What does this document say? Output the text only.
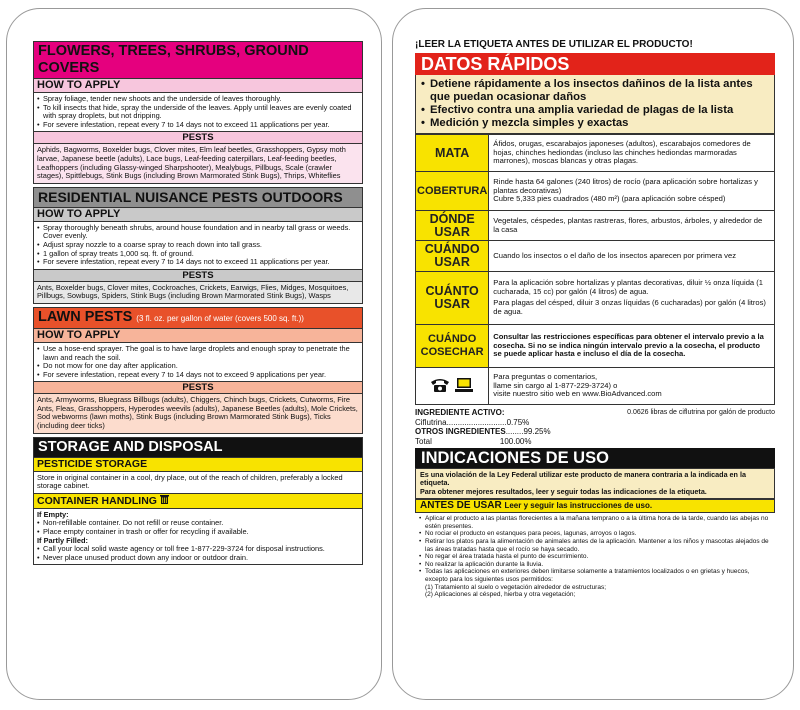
FLOWERS, TREES, SHRUBS, GROUND COVERS
HOW TO APPLY
• Spray foliage, tender new shoots and the underside of leaves thoroughly.
• To kill insects that hide, spray the underside of the leaves. Apply until leaves are evenly coated with spray droplets, but not dripping.
• For severe infestation, repeat every 7 to 14 days not to exceed 11 applications per year.
PESTS
Aphids, Bagworms, Boxelder bugs, Clover mites, Elm leaf beetles, Grasshoppers, Gypsy moth larvae, Japanese beetle (adults), Lace bugs, Leaf-feeding caterpillars, Leaf-feeding beetles, Leafhoppers (including Glassy-winged Sharpshooter), Mealybugs, Pillbugs, Scale (crawler stages), Spittlebugs, Stink Bugs (including Brown Marmorated Stink Bugs), Thrips, Whiteflies
RESIDENTIAL NUISANCE PESTS OUTDOORS
HOW TO APPLY
• Spray thoroughly beneath shrubs, around house foundation and in nearby tall grass or weeds. Cover evenly.
• Adjust spray nozzle to a coarse spray to reach down into tall grass.
• 1 gallon of spray treats 1,000 sq. ft. of ground.
• For severe infestation, repeat every 7 to 14 days not to exceed 11 applications per year.
PESTS
Ants, Boxelder bugs, Clover mites, Cockroaches, Crickets, Earwigs, Flies, Midges, Mosquitoes, Pillbugs, Sowbugs, Spiders, Stink Bugs (including Brown Marmorated Stink Bugs), Wasps
LAWN PESTS (3 fl. oz. per gallon of water (covers 500 sq. ft.))
HOW TO APPLY
• Use a hose-end sprayer. The goal is to have large droplets and enough spray to penetrate the lawn and reach the soil.
• Do not mow for one day after application.
• For severe infestation, repeat every 7 to 14 days not to exceed 9 applications per year.
PESTS
Ants, Armyworms, Bluegrass Billbugs (adults), Chiggers, Chinch bugs, Crickets, Cutworms, Fire Ants, Fleas, Grasshoppers, Hyperodes weevils (adults), Japanese Beetles (adults), Mole Crickets, Sod webworms (lawn moths), Stink Bugs (including Brown Marmorated Stink Bugs), Ticks (including deer ticks)
STORAGE AND DISPOSAL
PESTICIDE STORAGE
Store in original container in a cool, dry place, out of the reach of children, preferably a locked storage cabinet.
CONTAINER HANDLING
If Empty:
• Non-refillable container. Do not refill or reuse container.
• Place empty container in trash or offer for recycling if available.
If Partly Filled:
• Call your local solid waste agency or toll free 1-877-229-3724 for disposal instructions.
• Never place unused product down any indoor or outdoor drain.
¡LEER LA ETIQUETA ANTES DE UTILIZAR EL PRODUCTO!
DATOS RÁPIDOS
• Detiene rápidamente a los insectos dañinos de la lista antes que puedan ocasionar daños
• Efectivo contra una amplia variedad de plagas de la lista
• Medición y mezcla simples y exactas
MATA	Áfidos, orugas, escarabajos japoneses (adultos), escarabajos comedores de hojas, chinches hediondas (incluso las chinches hediondas marmoradas marrones), moscas blancas y otras plagas.
COBERTURA	Rinde hasta 64 galones (240 litros) de rocío (para aplicación sobre hortalizas y plantas decorativas)
Cubre 5,333 pies cuadrados (480 m²) (para aplicación sobre césped)

DÓNDE USAR	Vegetales, céspedes, plantas rastreras, flores, arbustos, árboles, y alrededor de la casa
CUÁNDO USAR	Cuando los insectos o el daño de los insectos aparecen por primera vez
CUÁNTO USAR	Para la aplicación sobre hortalizas y plantas decorativas, diluir ½ onza líquida (1 cucharada, 15 cc) por galón (4 litros) de agua.
Para plagas del césped, diluir 3 onzas líquidas (6 cucharadas) por galón (4 litros) de agua.

CUÁNDO COSECHAR	Consultar las restricciones específicas para obtener el intervalo previo a la cosecha. Si no se indica ningún intervalo previo a la cosecha, el producto se puede aplicar hasta e incluso el día de la cosecha.

Para preguntas o comentarios,
llame sin cargo al 1-877-229-3724) o
visite nuestro sitio web en www.BioAdvanced.com
INGREDIENTE ACTIVO:	0.0626 libras de ciflutrina por galón de producto
Ciflutrina...........................0.75%
OTROS INGREDIENTES........99.25%
Total	100.00%
INDICACIONES DE USO
Es una violación de la Ley Federal utilizar este producto de manera contraria a la indicada en la etiqueta.
Para obtener mejores resultados, leer y seguir todas las indicaciones de la etiqueta.
ANTES DE USAR Leer y seguir las instrucciones de uso.
• Aplicar el producto a las plantas florecientes a la mañana temprano o a la última hora de la tarde, cuando las abejas no estén presentes.
• No rociar el producto en estanques para peces, lagunas, arroyos o lagos.
• Retirar los platos para la alimentación de animales antes de la aplicación. Mantener a los niños y mascotas alejados de las áreas tratadas hasta que el rocío se haya secado.
• No regar el área tratada hasta el punto de escurrimiento.
• No realizar la aplicación durante la lluvia.
• Todas las aplicaciones en exteriores deben limitarse solamente a tratamientos localizados o en grietas y huecos, excepto para los siguientes usos permitidos:
(1) Tratamiento al suelo o vegetación alrededor de estructuras;
(2) Aplicaciones al césped, hierba y otra vegetación;
